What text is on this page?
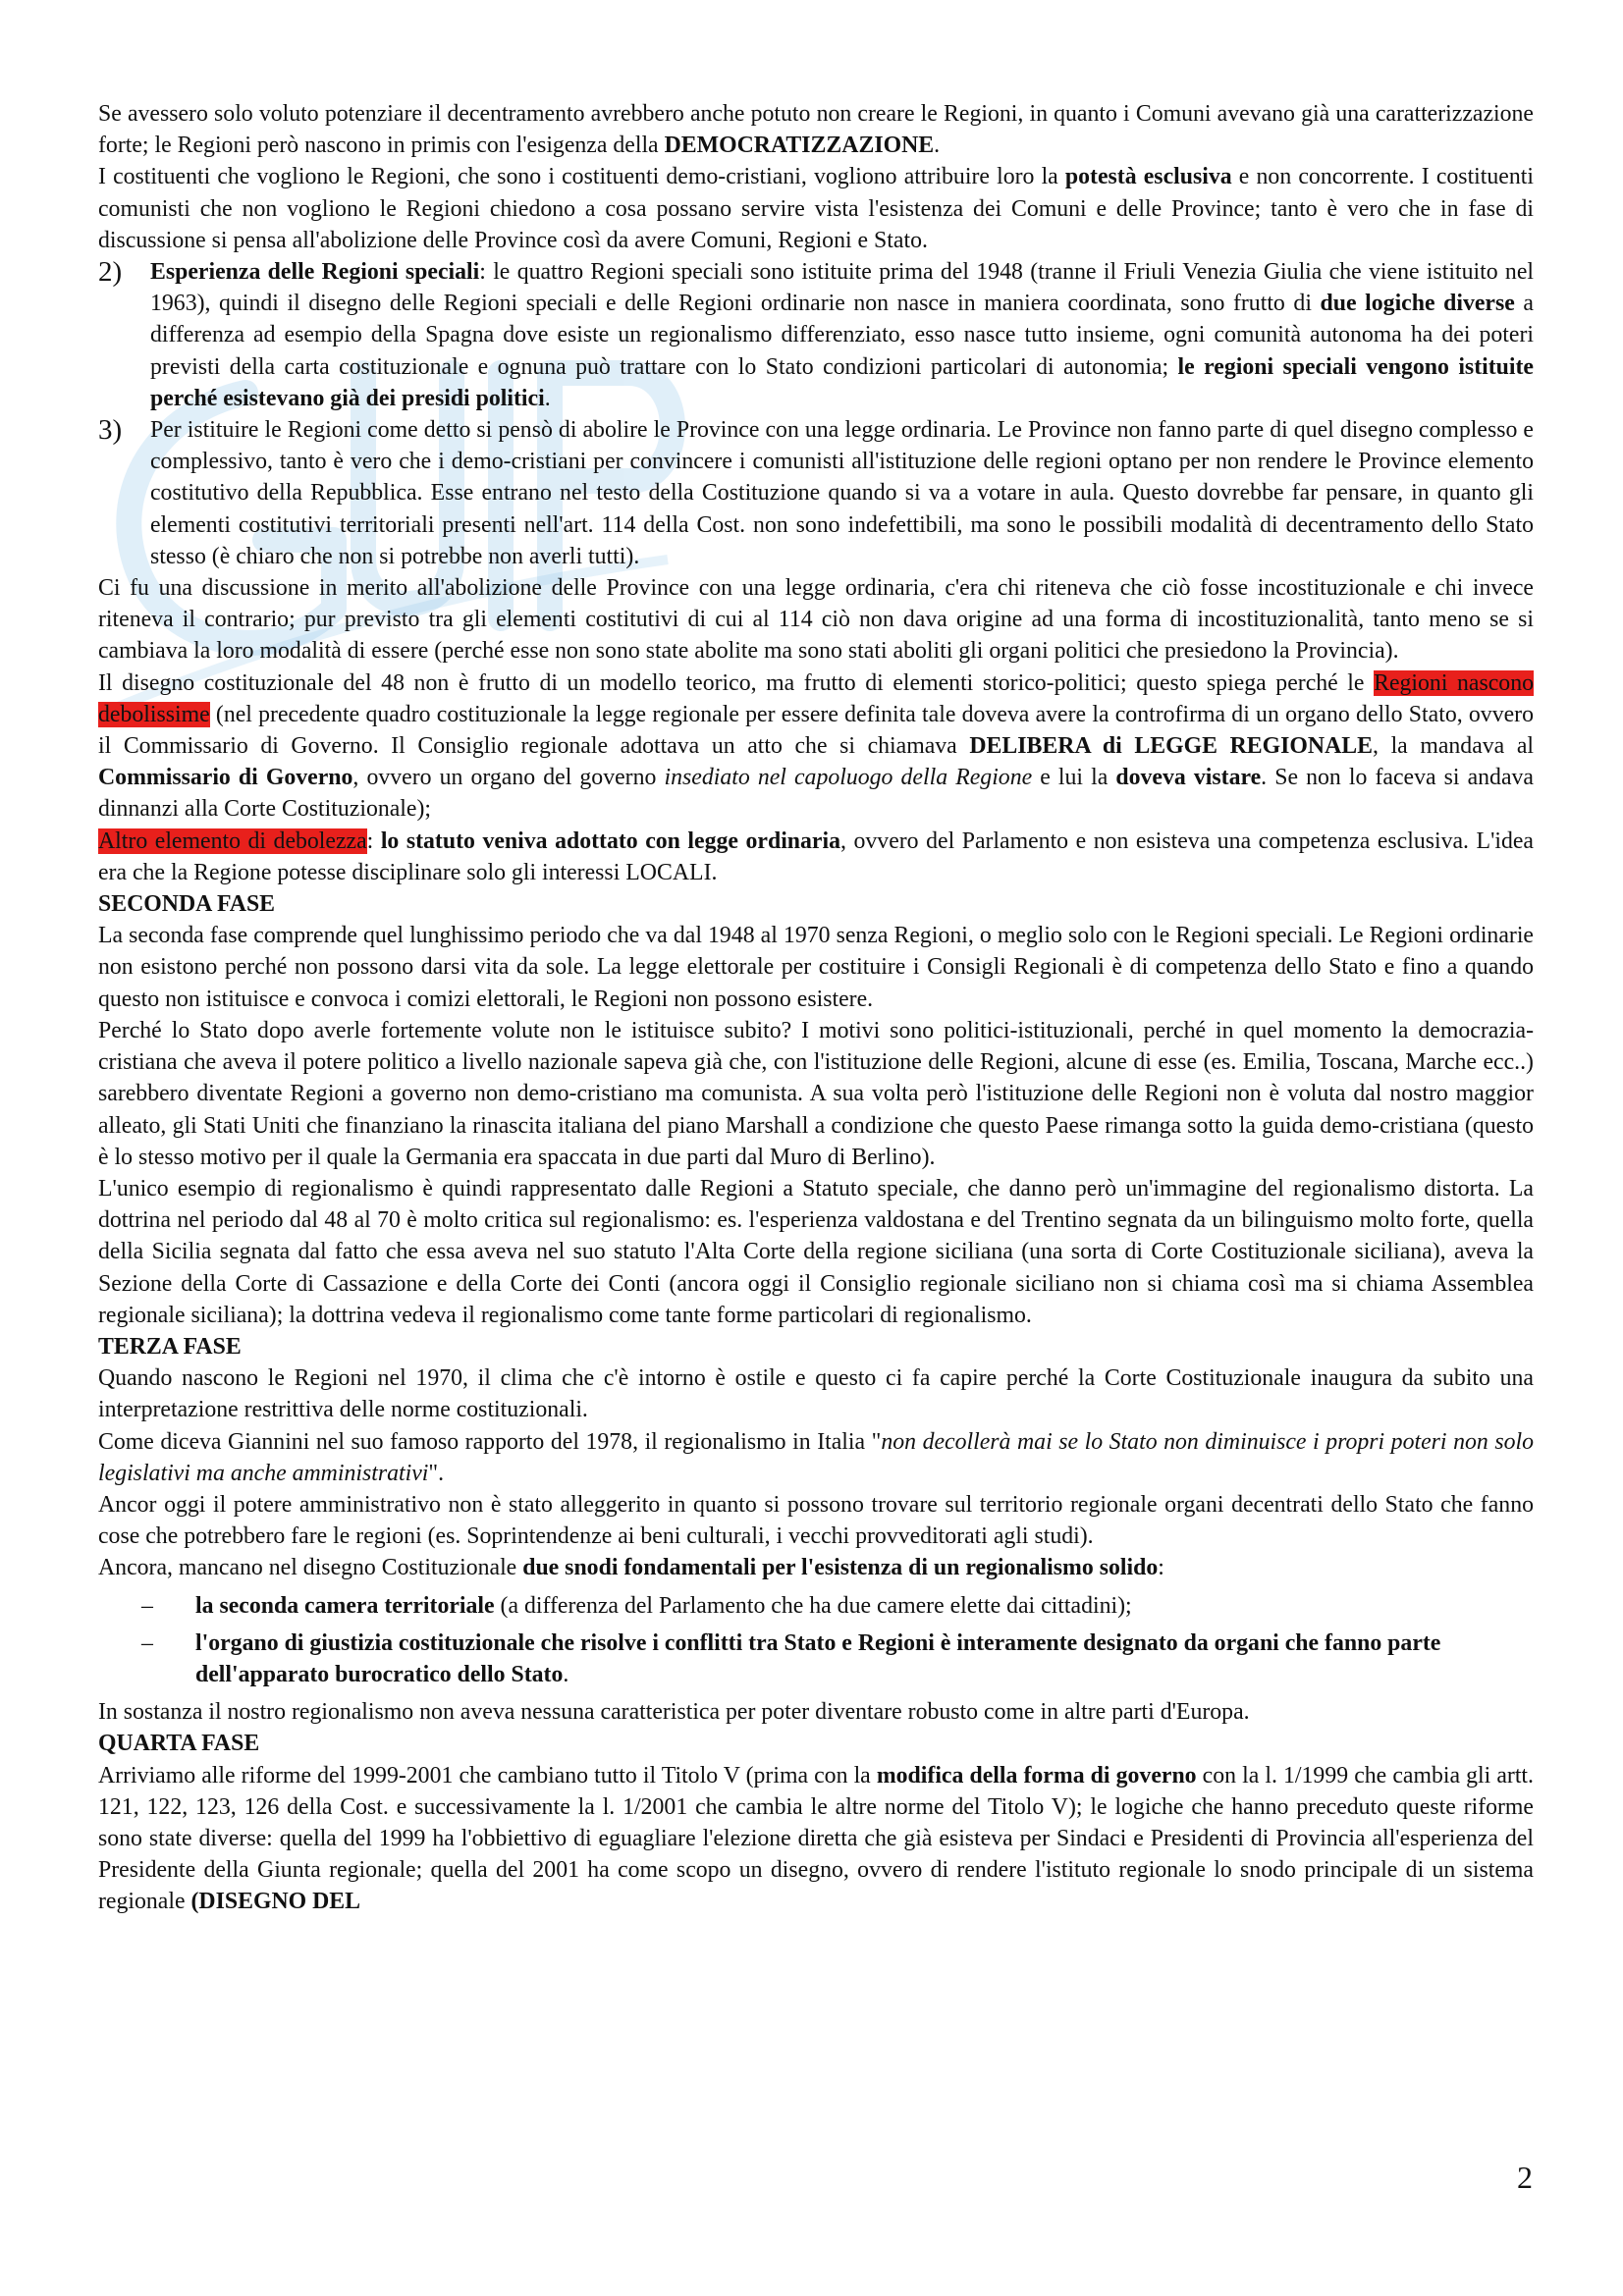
Se avessero solo voluto potenziare il decentramento avrebbero anche potuto non creare le Regioni, in quanto i Comuni avevano già una caratterizzazione forte; le Regioni però nascono in primis con l'esigenza della DEMOCRATIZZAZIONE.

I costituenti che vogliono le Regioni, che sono i costituenti demo-cristiani, vogliono attribuire loro la potestà esclusiva e non concorrente. I costituenti comunisti che non vogliono le Regioni chiedono a cosa possano servire vista l'esistenza dei Comuni e delle Province; tanto è vero che in fase di discussione si pensa all'abolizione delle Province così da avere Comuni, Regioni e Stato.

2)	Esperienza delle Regioni speciali: le quattro Regioni speciali sono istituite prima del 1948 (tranne il Friuli Venezia Giulia che viene istituito nel 1963), quindi il disegno delle Regioni speciali e delle Regioni ordinarie non nasce in maniera coordinata, sono frutto di due logiche diverse a differenza ad esempio della Spagna dove esiste un regionalismo differenziato, esso nasce tutto insieme, ogni comunità autonoma ha dei poteri previsti della carta costituzionale e ognuna può trattare con lo Stato condizioni particolari di autonomia; le regioni speciali vengono istituite perché esistevano già dei presidi politici.
3)	Per istituire le Regioni come detto si pensò di abolire le Province con una legge ordinaria. Le Province non fanno parte di quel disegno complesso e complessivo, tanto è vero che i demo-cristiani per convincere i comunisti all'istituzione delle regioni optano per non rendere le Province elemento costitutivo della Repubblica. Esse entrano nel testo della Costituzione quando si va a votare in aula. Questo dovrebbe far pensare, in quanto gli elementi costitutivi territoriali presenti nell'art. 114 della Cost. non sono indefettibili, ma sono le possibili modalità di decentramento dello Stato stesso (è chiaro che non si potrebbe non averli tutti).

Ci fu una discussione in merito all'abolizione delle Province con una legge ordinaria, c'era chi riteneva che ciò fosse incostituzionale e chi invece riteneva il contrario; pur previsto tra gli elementi costitutivi di cui al 114 ciò non dava origine ad una forma di incostituzionalità, tanto meno se si cambiava la loro modalità di essere (perché esse non sono state abolite ma sono stati aboliti gli organi politici che presiedono la Provincia).

Il disegno costituzionale del 48 non è frutto di un modello teorico, ma frutto di elementi storico-politici; questo spiega perché le Regioni nascono debolissime (nel precedente quadro costituzionale la legge regionale per essere definita tale doveva avere la controfirma di un organo dello Stato, ovvero il Commissario di Governo. Il Consiglio regionale adottava un atto che si chiamava DELIBERA di LEGGE REGIONALE, la mandava al Commissario di Governo, ovvero un organo del governo insediato nel capoluogo della Regione e lui la doveva vistare. Se non lo faceva si andava dinnanzi alla Corte Costituzionale);

Altro elemento di debolezza: lo statuto veniva adottato con legge ordinaria, ovvero del Parlamento e non esisteva una competenza esclusiva. L'idea era che la Regione potesse disciplinare solo gli interessi LOCALI.

SECONDA FASE

La seconda fase comprende quel lunghissimo periodo che va dal 1948 al 1970 senza Regioni, o meglio solo con le Regioni speciali. Le Regioni ordinarie non esistono perché non possono darsi vita da sole. La legge elettorale per costituire i Consigli Regionali è di competenza dello Stato e fino a quando questo non istituisce e convoca i comizi elettorali, le Regioni non possono esistere.

Perché lo Stato dopo averle fortemente volute non le istituisce subito? I motivi sono politici-istituzionali, perché in quel momento la democrazia-cristiana che aveva il potere politico a livello nazionale sapeva già che, con l'istituzione delle Regioni, alcune di esse (es. Emilia, Toscana, Marche ecc..) sarebbero diventate Regioni a governo non demo-cristiano ma comunista. A sua volta però l'istituzione delle Regioni non è voluta dal nostro maggior alleato, gli Stati Uniti che finanziano la rinascita italiana del piano Marshall a condizione che questo Paese rimanga sotto la guida demo-cristiana (questo è lo stesso motivo per il quale la Germania era spaccata in due parti dal Muro di Berlino).

L'unico esempio di regionalismo è quindi rappresentato dalle Regioni a Statuto speciale, che danno però un'immagine del regionalismo distorta. La dottrina nel periodo dal 48 al 70 è molto critica sul regionalismo: es. l'esperienza valdostana e del Trentino segnata da un bilinguismo molto forte, quella della Sicilia segnata dal fatto che essa aveva nel suo statuto l'Alta Corte della regione siciliana (una sorta di Corte Costituzionale siciliana), aveva la Sezione della Corte di Cassazione e della Corte dei Conti (ancora oggi il Consiglio regionale siciliano non si chiama così ma si chiama Assemblea regionale siciliana); la dottrina vedeva il regionalismo come tante forme particolari di regionalismo.

TERZA FASE

Quando nascono le Regioni nel 1970, il clima che c'è intorno è ostile e questo ci fa capire perché la Corte Costituzionale inaugura da subito una interpretazione restrittiva delle norme costituzionali.

Come diceva Giannini nel suo famoso rapporto del 1978, il regionalismo in Italia "non decollerà mai se lo Stato non diminuisce i propri poteri non solo legislativi ma anche amministrativi".

Ancor oggi il potere amministrativo non è stato alleggerito in quanto si possono trovare sul territorio regionale organi decentrati dello Stato che fanno cose che potrebbero fare le regioni (es. Soprintendenze ai beni culturali, i vecchi provveditorati agli studi).

Ancora, mancano nel disegno Costituzionale due snodi fondamentali per l'esistenza di un regionalismo solido:

–	la seconda camera territoriale (a differenza del Parlamento che ha due camere elette dai cittadini);
–	l'organo di giustizia costituzionale che risolve i conflitti tra Stato e Regioni è interamente designato da organi che fanno parte dell'apparato burocratico dello Stato.

In sostanza il nostro regionalismo non aveva nessuna caratteristica per poter diventare robusto come in altre parti d'Europa.

QUARTA FASE

Arriviamo alle riforme del 1999-2001 che cambiano tutto il Titolo V (prima con la modifica della forma di governo con la l. 1/1999 che cambia gli artt. 121, 122, 123, 126 della Cost. e successivamente la l. 1/2001 che cambia le altre norme del Titolo V); le logiche che hanno preceduto queste riforme sono state diverse: quella del 1999 ha l'obbiettivo di eguagliare l'elezione diretta che già esisteva per Sindaci e Presidenti di Provincia all'esperienza del Presidente della Giunta regionale; quella del 2001 ha come scopo un disegno, ovvero di rendere l'istituto regionale lo snodo principale di un sistema regionale (DISEGNO DEL

2
